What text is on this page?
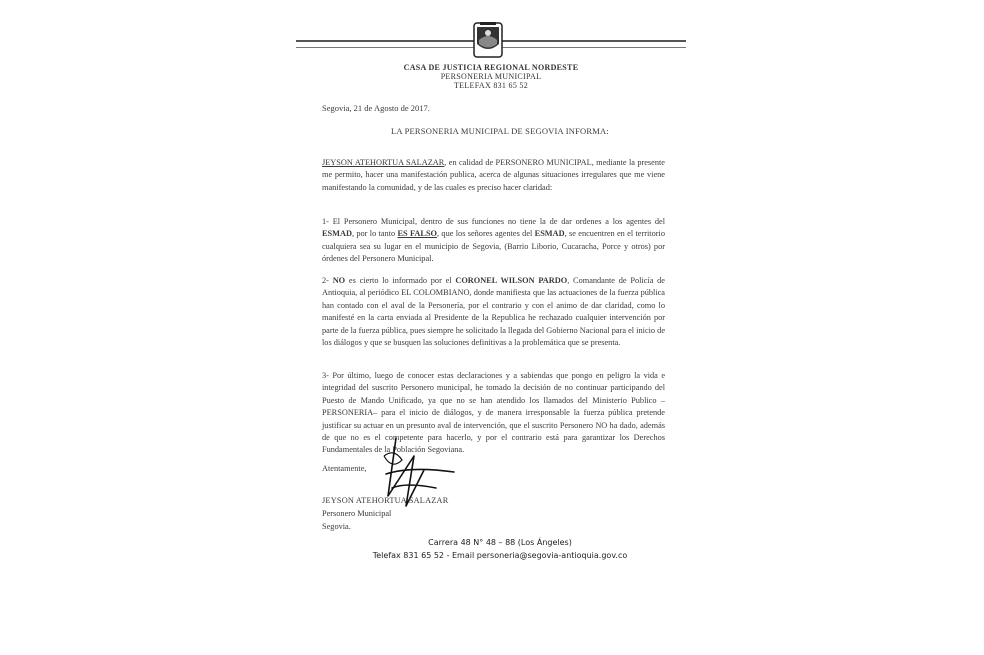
CASA DE JUSTICIA REGIONAL NORDESTE
PERSONERIA MUNICIPAL
TELEFAX 831 65 52
Segovia, 21 de Agosto de 2017.
LA PERSONERIA MUNICIPAL DE SEGOVIA INFORMA:

JEYSON ATEHORTUA SALAZAR, en calidad de PERSONERO MUNICIPAL, mediante la presente me permito, hacer una manifestación publica, acerca de algunas situaciones irregulares que me viene manifestando la comunidad, y de las cuales es preciso hacer claridad:

1- El Personero Municipal, dentro de sus funciones no tiene la de dar ordenes a los agentes del ESMAD, por lo tanto ES FALSO, que los señores agentes del ESMAD, se encuentren en el territorio cualquiera sea su lugar en el municipio de Segovia, (Barrio Liborio, Cucaracha, Porce y otros) por órdenes del Personero Municipal.

2- NO es cierto lo informado por el CORONEL WILSON PARDO, Comandante de Policía de Antioquia, al periódico EL COLOMBIANO, donde manifiesta que las actuaciones de la fuerza pública han contado con el aval de la Personería, por el contrario y con el animo de dar claridad, como lo manifesté en la carta enviada al Presidente de la Republica he rechazado cualquier intervención por parte de la fuerza pública, pues siempre he solicitado la llegada del Gobierno Nacional para el inicio de los diálogos y que se busquen las soluciones definitivas a la problemática que se presenta.

3- Por último, luego de conocer estas declaraciones y a sabiendas que pongo en peligro la vida e integridad del suscrito Personero municipal, he tomado la decisión de no continuar participando del Puesto de Mando Unificado, ya que no se han atendido los llamados del Ministerio Publico – PERSONERIA– para el inicio de diálogos, y de manera irresponsable la fuerza pública pretende justificar su actuar en un presunto aval de intervención, que el suscrito Personero NO ha dado, además de que no es el competente para hacerlo, y por el contrario está para garantizar los Derechos Fundamentales de la Población Segoviana.

Atentamente,
JEYSON ATEHORTUA SALAZAR
Personero Municipal
Segovia.
Carrera 48 N° 48 – 88 (Los Ángeles)
Telefax 831 65 52 - Email personeria@segovia-antioquia.gov.co
